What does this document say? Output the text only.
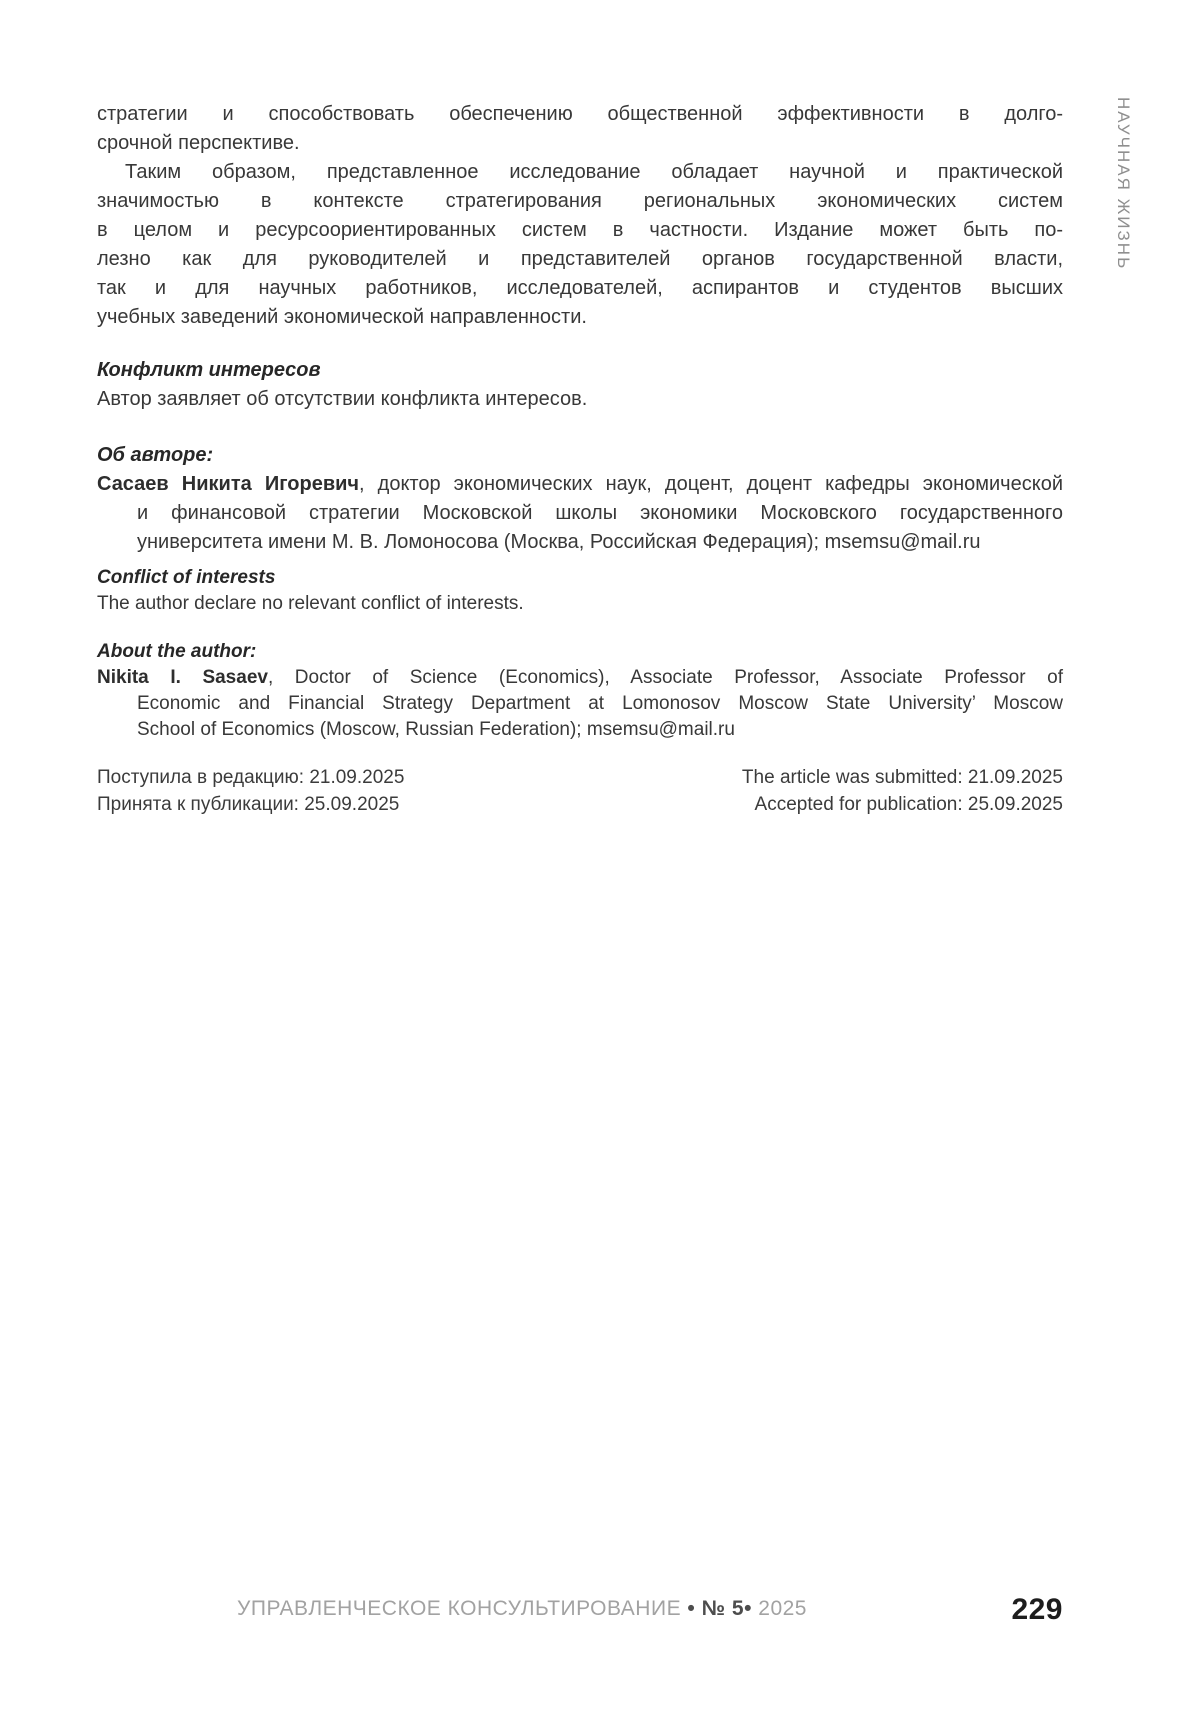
НАУЧНАЯ ЖИЗНЬ
стратегии и способствовать обеспечению общественной эффективности в долго-
срочной перспективе.
Таким образом, представленное исследование обладает научной и практической
значимостью в контексте стратегирования региональных экономических систем
в целом и ресурсоориентированных систем в частности. Издание может быть по-
лезно как для руководителей и представителей органов государственной власти,
так и для научных работников, исследователей, аспирантов и студентов высших
учебных заведений экономической направленности.
Конфликт интересов
Автор заявляет об отсутствии конфликта интересов.
Об авторе:
Сасаев Никита Игоревич, доктор экономических наук, доцент, доцент кафедры экономической
и финансовой стратегии Московской школы экономики Московского государственного
университета имени М. В. Ломоносова (Москва, Российская Федерация); msemsu@mail.ru
Conflict of interests
The author declare no relevant conflict of interests.
About the author:
Nikita I. Sasaev, Doctor of Science (Economics), Associate Professor, Associate Professor of
Economic and Financial Strategy Department at Lomonosov Moscow State University’ Moscow
School of Economics (Moscow, Russian Federation); msemsu@mail.ru
Поступила в редакцию: 21.09.2025
Принята к публикации: 25.09.2025
The article was submitted: 21.09.2025
Accepted for publication: 25.09.2025
УПРАВЛЕНЧЕСКОЕ КОНСУЛЬТИРОВАНИЕ • № 5• 2025	229
